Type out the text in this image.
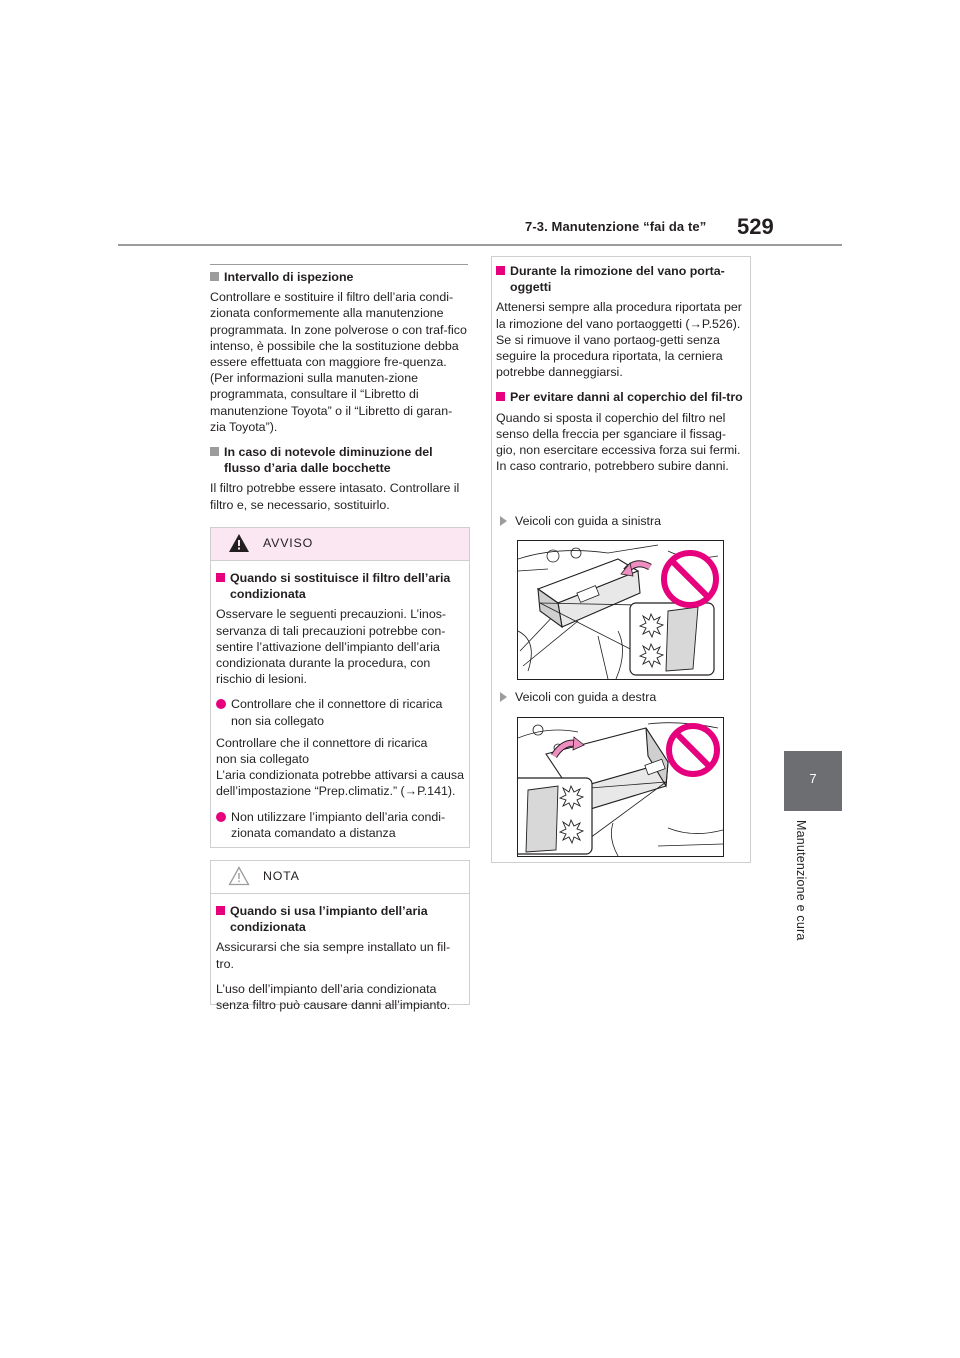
7-3. Manutenzione “fai da te” 529
7
Manutenzione e cura

Intervallo di ispezione

Controllare e sostituire il filtro dell’aria condi-zionata conformemente alla manutenzione programmata. In zone polverose o con traf-fico intenso, è possibile che la sostituzione debba essere effettuata con maggiore fre-quenza. (Per informazioni sulla manuten-zione programmata, consultare il “Libretto di manutenzione Toyota” o il “Libretto di garan-zia Toyota”).

In caso di notevole diminuzione del flusso d’aria dalle bocchette

Il filtro potrebbe essere intasato. Controllare il filtro e, se necessario, sostituirlo.

AVVISO

Quando si sostituisce il filtro dell’aria condizionata

Osservare le seguenti precauzioni. L’inos-servanza di tali precauzioni potrebbe con-sentire l’attivazione dell’impianto dell’aria condizionata durante la procedura, con rischio di lesioni.

Controllare che il connettore di ricarica non sia collegato

Controllare che il connettore di ricarica
non sia collegato
L’aria condizionata potrebbe attivarsi a causa dell’impostazione “Prep.climatiz.” (→P.141).

Non utilizzare l’impianto dell’aria condi-zionata comandato a distanza

NOTA

Quando si usa l’impianto dell’aria condizionata

Assicurarsi che sia sempre installato un fil-tro.

L’uso dell’impianto dell’aria condizionata senza filtro può causare danni all’impianto.

Durante la rimozione del vano porta-oggetti

Attenersi sempre alla procedura riportata per la rimozione del vano portaoggetti (→P.526). Se si rimuove il vano portaog-getti senza seguire la procedura riportata, la cerniera potrebbe danneggiarsi.

Per evitare danni al coperchio del fil-tro

Quando si sposta il coperchio del filtro nel senso della freccia per sganciare il fissag-gio, non esercitare eccessiva forza sui fermi. In caso contrario, potrebbero subire danni.

Veicoli con guida a sinistra
Veicoli con guida a destra
